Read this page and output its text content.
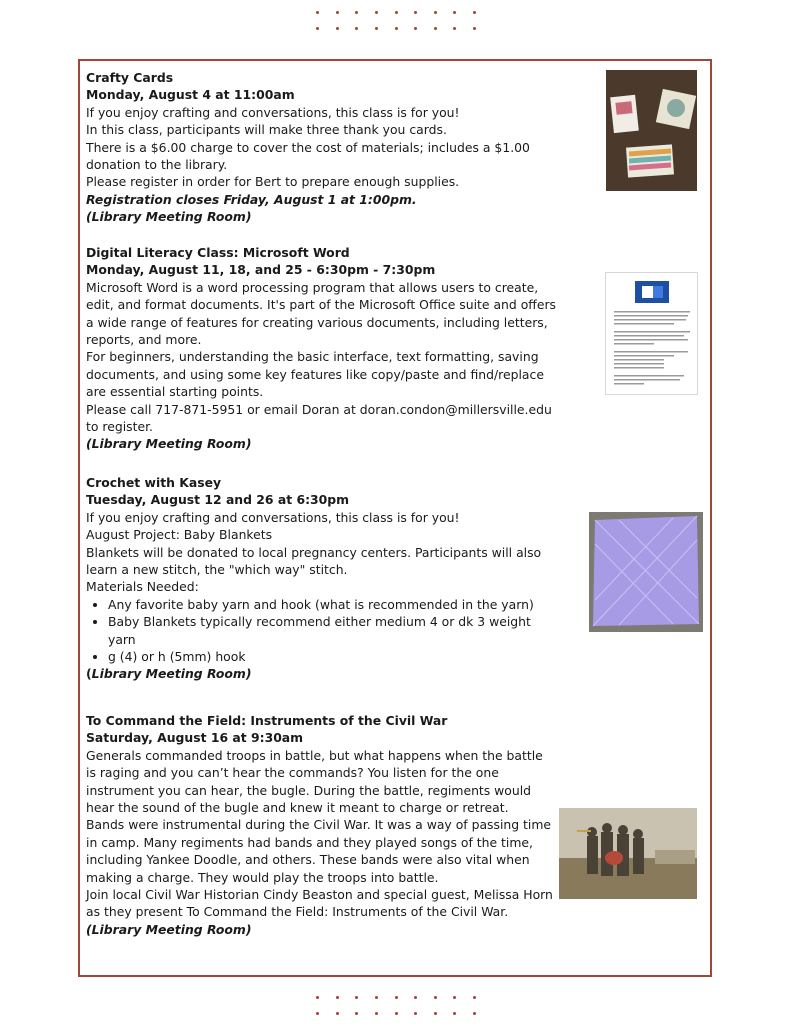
Crafty Cards

Monday, August 4 at 11:00am

If you enjoy crafting and conversations, this class is for you!

In this class, participants will make three thank you cards.

There is a $6.00 charge to cover the cost of materials; includes a $1.00 donation to the library.

Please register in order for Bert to prepare enough supplies.

Registration closes Friday, August 1 at 1:00pm.

(Library Meeting Room)

Digital Literacy Class: Microsoft Word

Monday, August 11, 18, and 25 - 6:30pm - 7:30pm

Microsoft Word is a word processing program that allows users to create, edit, and format documents. It's part of the Microsoft Office suite and offers a wide range of features for creating various documents, including letters, reports, and more.

For beginners, understanding the basic interface, text formatting, saving documents, and using some key features like copy/paste and find/replace are essential starting points.

Please call 717-871-5951 or email Doran at doran.condon@millersville.edu to register.

(Library Meeting Room)

Crochet with Kasey

Tuesday, August 12 and 26 at 6:30pm

If you enjoy crafting and conversations, this class is for you!

August Project: Baby Blankets

Blankets will be donated to local pregnancy centers. Participants will also learn a new stitch, the "which way" stitch.

Materials Needed:

• Any favorite baby yarn and hook (what is recommended in the yarn)
• Baby Blankets typically recommend either medium 4 or dk 3 weight yarn
• g (4) or h (5mm) hook

(Library Meeting Room)

To Command the Field: Instruments of the Civil War

Saturday, August 16 at 9:30am

Generals commanded troops in battle, but what happens when the battle is raging and you can’t hear the commands? You listen for the one instrument you can hear, the bugle. During the battle, regiments would hear the sound of the bugle and knew it meant to charge or retreat.

Bands were instrumental during the Civil War. It was a way of passing time in camp. Many regiments had bands and they played songs of the time, including Yankee Doodle, and others. These bands were also vital when making a charge. They would play the troops into battle.

Join local Civil War Historian Cindy Beaston and special guest, Melissa Horn as they present To Command the Field: Instruments of the Civil War.

(Library Meeting Room)
